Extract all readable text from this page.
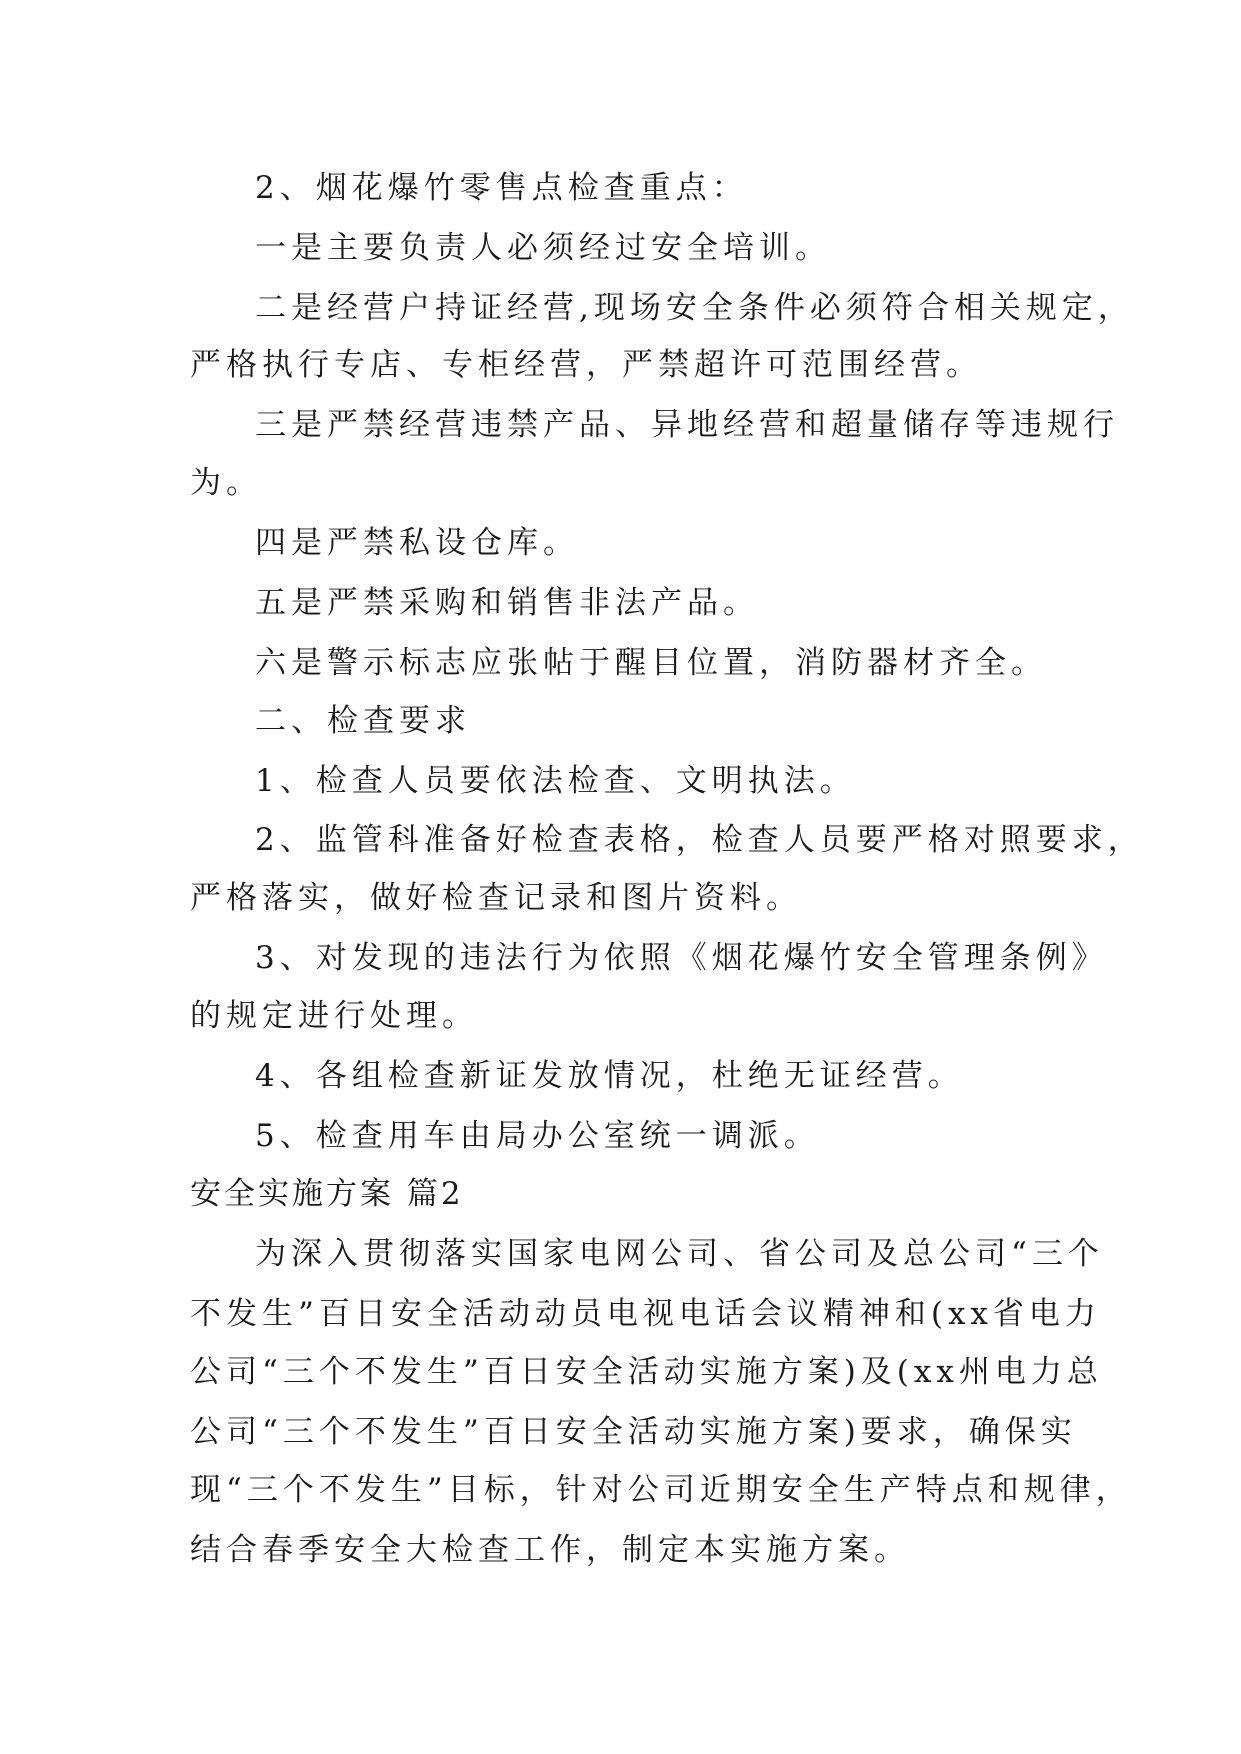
2、烟花爆竹零售点检查重点：
一是主要负责人必须经过安全培训。
二是经营户持证经营,现场安全条件必须符合相关规定，
严格执行专店、专柜经营，严禁超许可范围经营。
三是严禁经营违禁产品、异地经营和超量储存等违规行
为。
四是严禁私设仓库。
五是严禁采购和销售非法产品。
六是警示标志应张帖于醒目位置，消防器材齐全。
二、检查要求
1、检查人员要依法检查、文明执法。
2、监管科准备好检查表格，检查人员要严格对照要求，
严格落实，做好检查记录和图片资料。
3、对发现的违法行为依照《烟花爆竹安全管理条例》
的规定进行处理。
4、各组检查新证发放情况，杜绝无证经营。
5、检查用车由局办公室统一调派。
安全实施方案 篇2
为深入贯彻落实国家电网公司、省公司及总公司“三个
不发生”百日安全活动动员电视电话会议精神和(xx省电力
公司“三个不发生”百日安全活动实施方案)及(xx州电力总
公司“三个不发生”百日安全活动实施方案)要求，确保实
现“三个不发生”目标，针对公司近期安全生产特点和规律，
结合春季安全大检查工作，制定本实施方案。
